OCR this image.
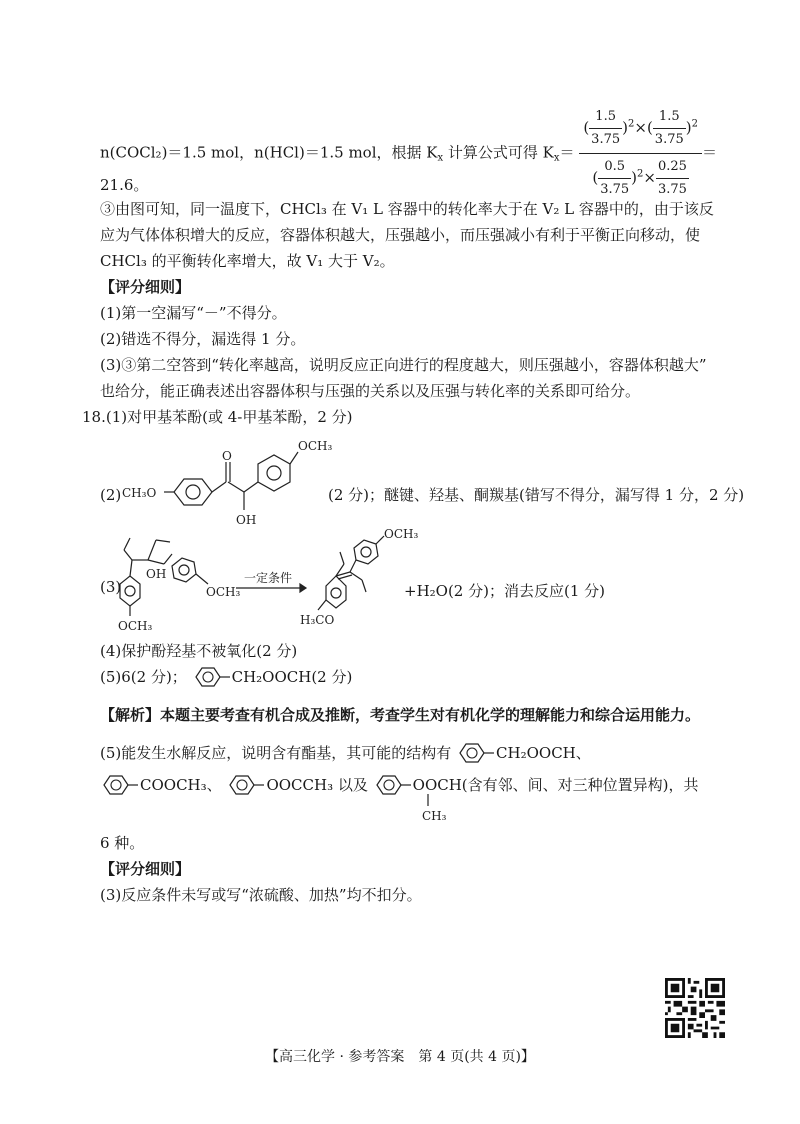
n(COCl₂)＝1.5 mol，n(HCl)＝1.5 mol，根据 $K_x$ 计算公式可得 $K_x= \frac{( \frac{1.5}{3.75} )^2\times( \frac{1.5}{3.75} )^2}{( \frac{0.5}{3.75} )^2\times \frac{0.25}{3.75}}$ ＝
21.6。
③由图可知，同一温度下，CHCl₃ 在 V₁ L 容器中的转化率大于在 V₂ L 容器中的，由于该反
应为气体体积增大的反应，容器体积越大，压强越小，而压强减小有利于平衡正向移动，使
CHCl₃ 的平衡转化率增大，故 V₁ 大于 V₂。
【评分细则】
(1)第一空漏写“－”不得分。
(2)错选不得分，漏选得 1 分。
(3)③第二空答到“转化率越高，说明反应正向进行的程度越大，则压强越小，容器体积越大”
也给分，能正确表述出容器体积与压强的关系以及压强与转化率的关系即可给分。
18.(1)对甲基苯酚(或 4-甲基苯酚，2 分)
(2) CH₃O
O
OH
OCH₃
(2 分)；醚键、羟基、酮羰基(错写不得分，漏写得 1 分，2 分)
(3)
OH
OCH₃
OCH₃
一定条件
OCH₃
H₃CO
+H₂O(2 分)；消去反应(1 分)
(4)保护酚羟基不被氧化(2 分)
(5)6(2 分)；	CH₂OOCH(2 分)
【解析】本题主要考查有机合成及推断，考查学生对有机化学的理解能力和综合运用能力。
(5)能发生水解反应，说明含有酯基，其可能的结构有	CH₂OOCH、
COOCH₃、	OOCCH₃ 以及	OOCH(含有邻、间、对三种位置异构)，共
CH₃
6 种。
【评分细则】
(3)反应条件未写或写“浓硫酸、加热”均不扣分。
【高三化学 · 参考答案　第 4 页(共 4 页)】
